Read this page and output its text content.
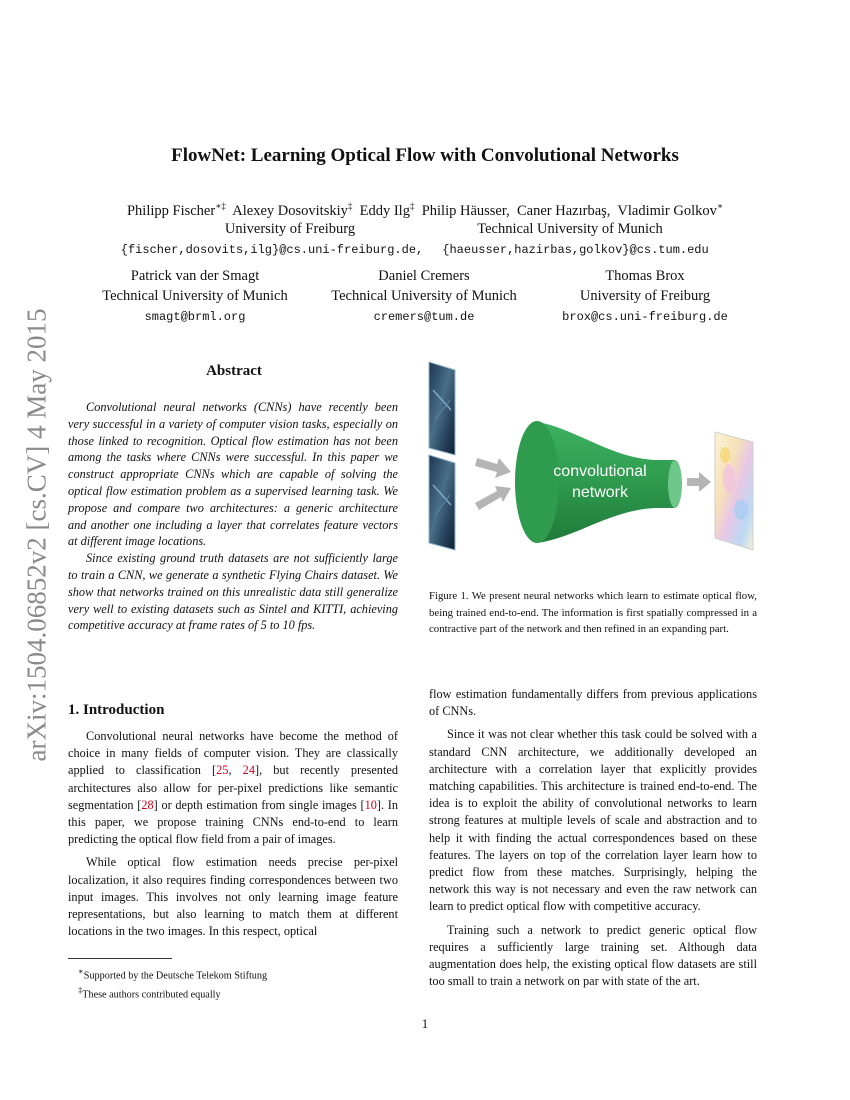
arXiv:1504.06852v2 [cs.CV] 4 May 2015
FlowNet: Learning Optical Flow with Convolutional Networks
Philipp Fischer∗‡ Alexey Dosovitskiy‡ Eddy Ilg‡ Philip Häusser, Caner Hazırbaş, Vladimir Golkov∗
University of Freiburg	Technical University of Munich
{fischer,dosovits,ilg}@cs.uni-freiburg.de,	{haeusser,hazirbas,golkov}@cs.tum.edu
Patrick van der Smagt
Technical University of Munich
smagt@brml.org
Daniel Cremers
Technical University of Munich
cremers@tum.de
Thomas Brox
University of Freiburg
brox@cs.uni-freiburg.de
Abstract

Convolutional neural networks (CNNs) have recently been very successful in a variety of computer vision tasks, especially on those linked to recognition. Optical flow estimation has not been among the tasks where CNNs were successful. In this paper we construct appropriate CNNs which are capable of solving the optical flow estimation problem as a supervised learning task. We propose and compare two architectures: a generic architecture and another one including a layer that correlates feature vectors at different image locations.

Since existing ground truth datasets are not sufficiently large to train a CNN, we generate a synthetic Flying Chairs dataset. We show that networks trained on this unrealistic data still generalize very well to existing datasets such as Sintel and KITTI, achieving competitive accuracy at frame rates of 5 to 10 fps.

convolutional
network
Figure 1. We present neural networks which learn to estimate optical flow, being trained end-to-end. The information is first spatially compressed in a contractive part of the network and then refined in an expanding part.
1. Introduction

Convolutional neural networks have become the method of choice in many fields of computer vision. They are classically applied to classification [25, 24], but recently presented architectures also allow for per-pixel predictions like semantic segmentation [28] or depth estimation from single images [10]. In this paper, we propose training CNNs end-to-end to learn predicting the optical flow field from a pair of images.

While optical flow estimation needs precise per-pixel localization, it also requires finding correspondences between two input images. This involves not only learning image feature representations, but also learning to match them at different locations in the two images. In this respect, optical

flow estimation fundamentally differs from previous applications of CNNs.

Since it was not clear whether this task could be solved with a standard CNN architecture, we additionally developed an architecture with a correlation layer that explicitly provides matching capabilities. This architecture is trained end-to-end. The idea is to exploit the ability of convolutional networks to learn strong features at multiple levels of scale and abstraction and to help it with finding the actual correspondences based on these features. The layers on top of the correlation layer learn how to predict flow from these matches. Surprisingly, helping the network this way is not necessary and even the raw network can learn to predict optical flow with competitive accuracy.

Training such a network to predict generic optical flow requires a sufficiently large training set. Although data augmentation does help, the existing optical flow datasets are still too small to train a network on par with state of the art.

∗Supported by the Deutsche Telekom Stiftung
‡These authors contributed equally
1
